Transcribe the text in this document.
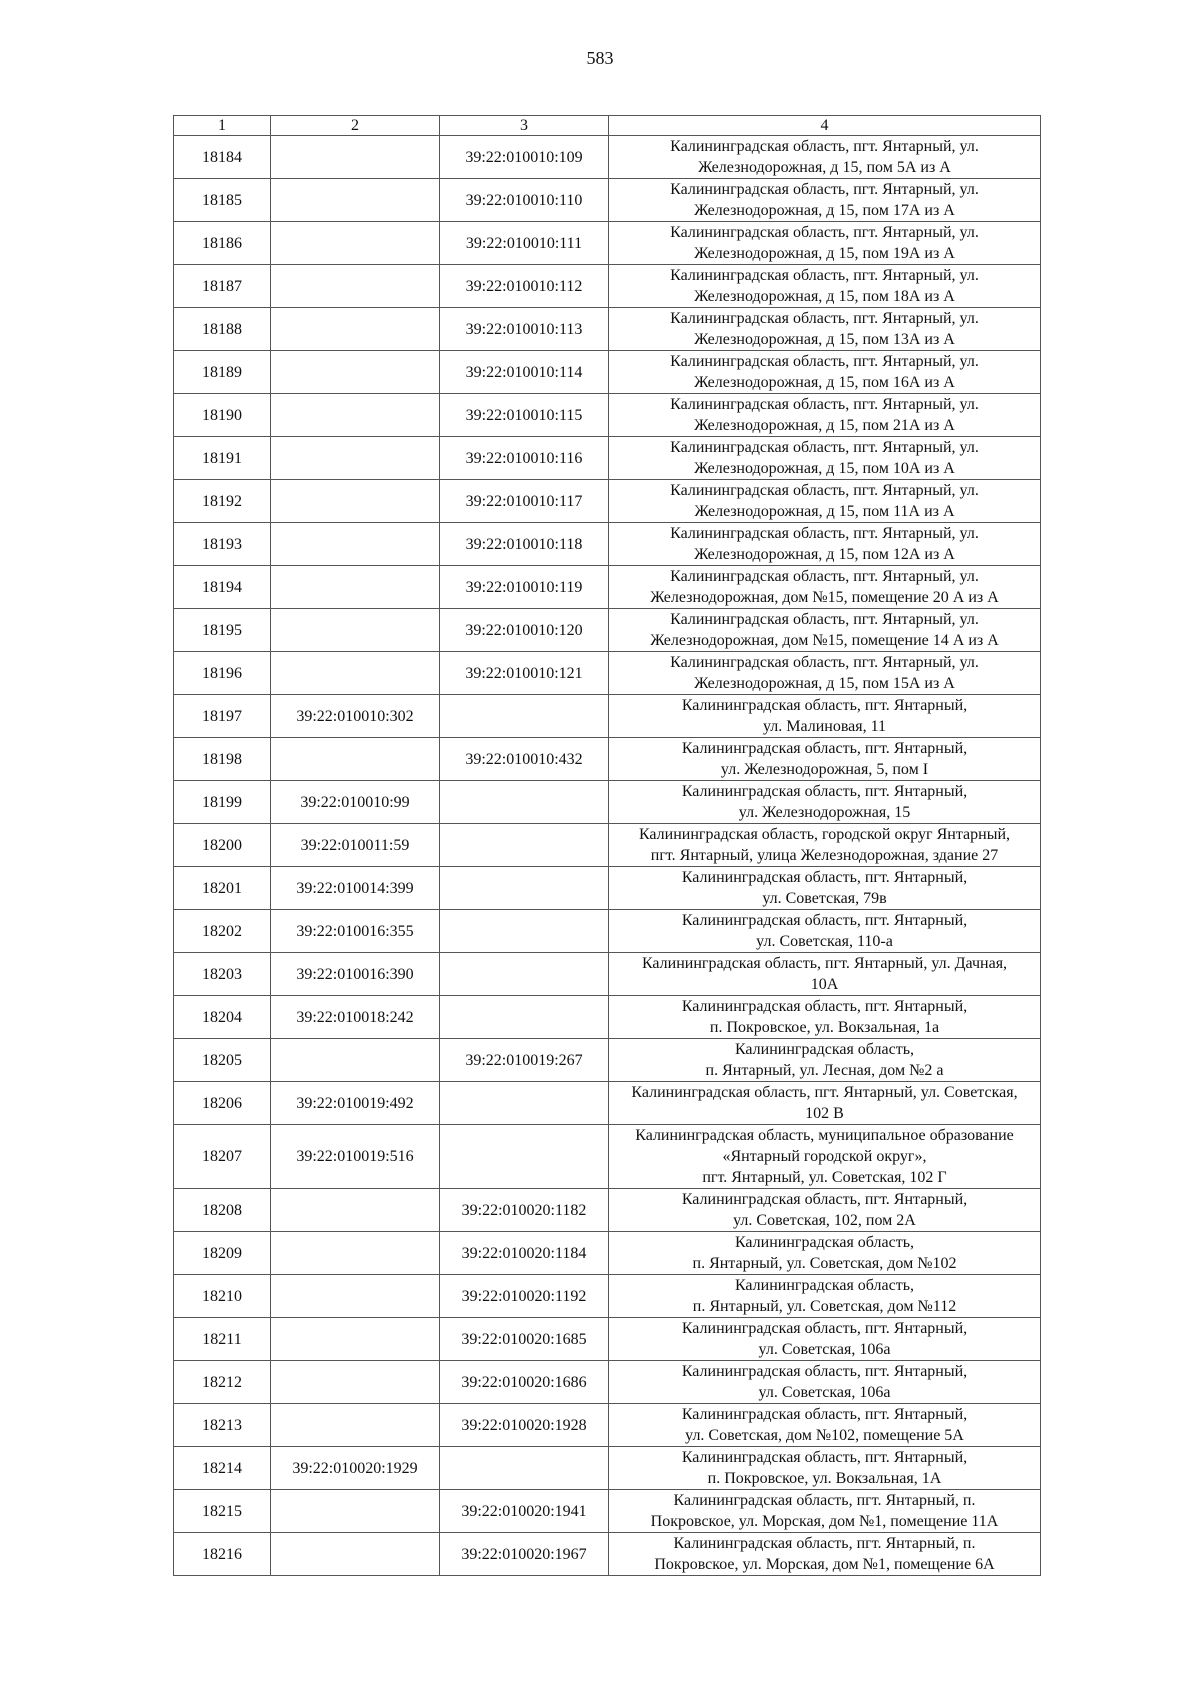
583
1	2	3	4
18184		39:22:010010:109	Калининградская область, пгт. Янтарный, ул.
Железнодорожная, д 15, пом 5А из А

18185		39:22:010010:110	Калининградская область, пгт. Янтарный, ул.
Железнодорожная, д 15, пом 17А из А

18186		39:22:010010:111	Калининградская область, пгт. Янтарный, ул.
Железнодорожная, д 15, пом 19А из А

18187		39:22:010010:112	Калининградская область, пгт. Янтарный, ул.
Железнодорожная, д 15, пом 18А из А

18188		39:22:010010:113	Калининградская область, пгт. Янтарный, ул.
Железнодорожная, д 15, пом 13А из А

18189		39:22:010010:114	Калининградская область, пгт. Янтарный, ул.
Железнодорожная, д 15, пом 16А из А

18190		39:22:010010:115	Калининградская область, пгт. Янтарный, ул.
Железнодорожная, д 15, пом 21А из А

18191		39:22:010010:116	Калининградская область, пгт. Янтарный, ул.
Железнодорожная, д 15, пом 10А из А

18192		39:22:010010:117	Калининградская область, пгт. Янтарный, ул.
Железнодорожная, д 15, пом 11А из А

18193		39:22:010010:118	Калининградская область, пгт. Янтарный, ул.
Железнодорожная, д 15, пом 12А из А

18194		39:22:010010:119	Калининградская область, пгт. Янтарный, ул.
Железнодорожная, дом №15, помещение 20 А из А

18195		39:22:010010:120	Калининградская область, пгт. Янтарный, ул.
Железнодорожная, дом №15, помещение 14 А из А

18196		39:22:010010:121	Калининградская область, пгт. Янтарный, ул.
Железнодорожная, д 15, пом 15А из А

18197	39:22:010010:302		Калининградская область, пгт. Янтарный,
ул. Малиновая, 11

18198		39:22:010010:432	Калининградская область, пгт. Янтарный,
ул. Железнодорожная, 5, пом I

18199	39:22:010010:99		Калининградская область, пгт. Янтарный,
ул. Железнодорожная, 15

18200	39:22:010011:59		Калининградская область, городской округ Янтарный,
пгт. Янтарный, улица Железнодорожная, здание 27

18201	39:22:010014:399		Калининградская область, пгт. Янтарный,
ул. Советская, 79в

18202	39:22:010016:355		Калининградская область, пгт. Янтарный,
ул. Советская, 110-а

18203	39:22:010016:390		Калининградская область, пгт. Янтарный, ул. Дачная,
10А

18204	39:22:010018:242		Калининградская область, пгт. Янтарный,
п. Покровское, ул. Вокзальная, 1а

18205		39:22:010019:267	Калининградская область,
п. Янтарный, ул. Лесная, дом №2 а

18206	39:22:010019:492		Калининградская область, пгт. Янтарный, ул. Советская,
102 В

18207	39:22:010019:516		Калининградская область, муниципальное образование
«Янтарный городской округ»,
пгт. Янтарный, ул. Советская, 102 Г

18208		39:22:010020:1182	Калининградская область, пгт. Янтарный,
ул. Советская, 102, пом 2А

18209		39:22:010020:1184	Калининградская область,
п. Янтарный, ул. Советская, дом №102

18210		39:22:010020:1192	Калининградская область,
п. Янтарный, ул. Советская, дом №112

18211		39:22:010020:1685	Калининградская область, пгт. Янтарный,
ул. Советская, 106а

18212		39:22:010020:1686	Калининградская область, пгт. Янтарный,
ул. Советская, 106а

18213		39:22:010020:1928	Калининградская область, пгт. Янтарный,
ул. Советская, дом №102, помещение 5А

18214	39:22:010020:1929		Калининградская область, пгт. Янтарный,
п. Покровское, ул. Вокзальная, 1А

18215		39:22:010020:1941	Калининградская область, пгт. Янтарный, п.
Покровское, ул. Морская, дом №1, помещение 11А

18216		39:22:010020:1967	Калининградская область, пгт. Янтарный, п.
Покровское, ул. Морская, дом №1, помещение 6А
